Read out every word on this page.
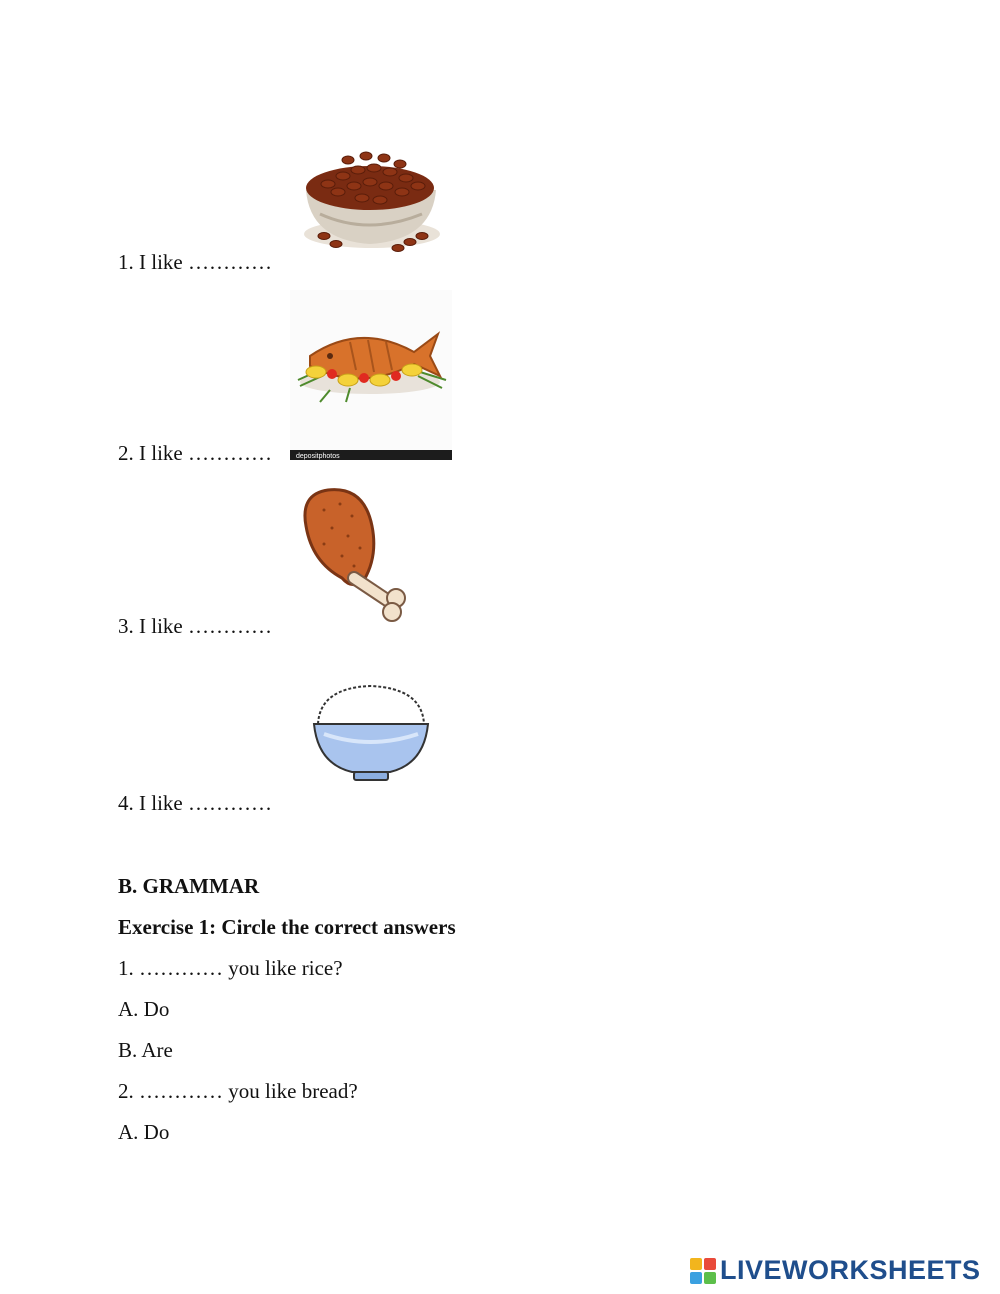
1. I like …………
depositphotos
2. I like …………
3. I like …………
4. I like …………
B. GRAMMAR
Exercise 1: Circle the correct answers
1. ………… you like rice?
A. Do
B. Are
2. ………… you like bread?
A. Do
LIVEWORKSHEETS
